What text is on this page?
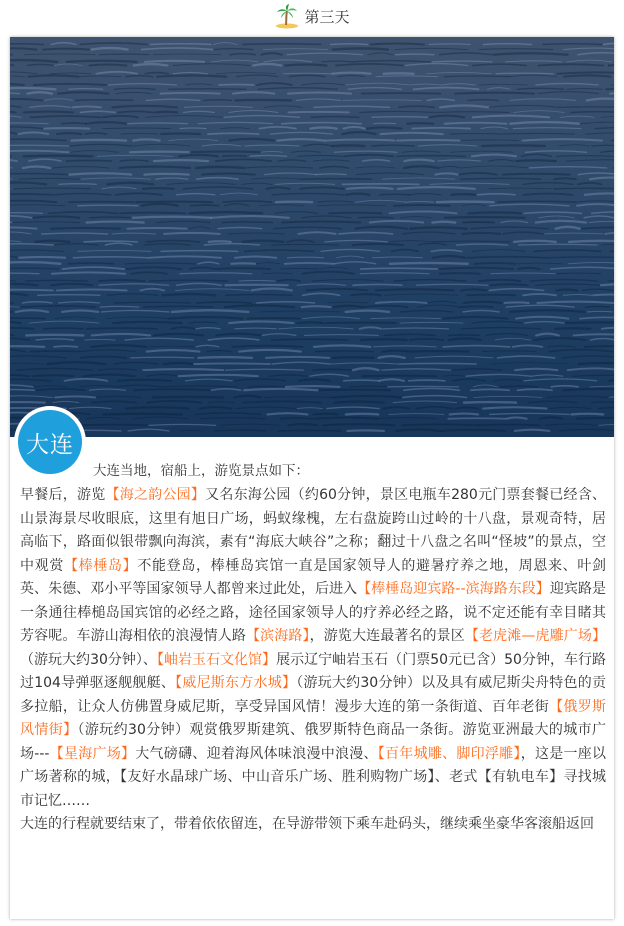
第三天
大连
大连当地，宿船上，游览景点如下：

早餐后，游览【海之韵公园】又名东海公园（约60分钟，景区电瓶车280元门票套餐已经含、山景海景尽收眼底，这里有旭日广场，蚂蚁缘槐，左右盘旋跨山过岭的十八盘，景观奇特，居高临下，路面似银带飘向海滨，素有“海底大峡谷”之称；翻过十八盘之名叫“怪坡”的景点，空中观赏【棒棰岛】不能登岛，棒棰岛宾馆一直是国家领导人的避暑疗养之地，周恩来、叶剑英、朱德、邓小平等国家领导人都曾来过此处，后进入【棒棰岛迎宾路--滨海路东段】迎宾路是一条通往棒槌岛国宾馆的必经之路，途径国家领导人的疗养必经之路，说不定还能有幸目睹其芳容呢。车游山海相依的浪漫情人路【滨海路】，游览大连最著名的景区【老虎滩—虎雕广场】（游玩大约30分钟）、【岫岩玉石文化馆】展示辽宁岫岩玉石（门票50元已含）50分钟，车行路过104导弹驱逐舰舰艇、【威尼斯东方水城】（游玩大约30分钟）以及具有威尼斯尖舟特色的贡多拉船，让众人仿佛置身威尼斯，享受异国风情！漫步大连的第一条街道、百年老街【俄罗斯风情街】（游玩约30分钟）观赏俄罗斯建筑、俄罗斯特色商品一条街。游览亚洲最大的城市广场---【星海广场】大气磅礴、迎着海风体味浪漫中浪漫、【百年城雕、脚印浮雕】，这是一座以广场著称的城，【友好水晶球广场、中山音乐广场、胜利购物广场】、老式【有轨电车】寻找城市记忆……

大连的行程就要结束了，带着依依留连，在导游带领下乘车赴码头，继续乘坐豪华客滚船返回
